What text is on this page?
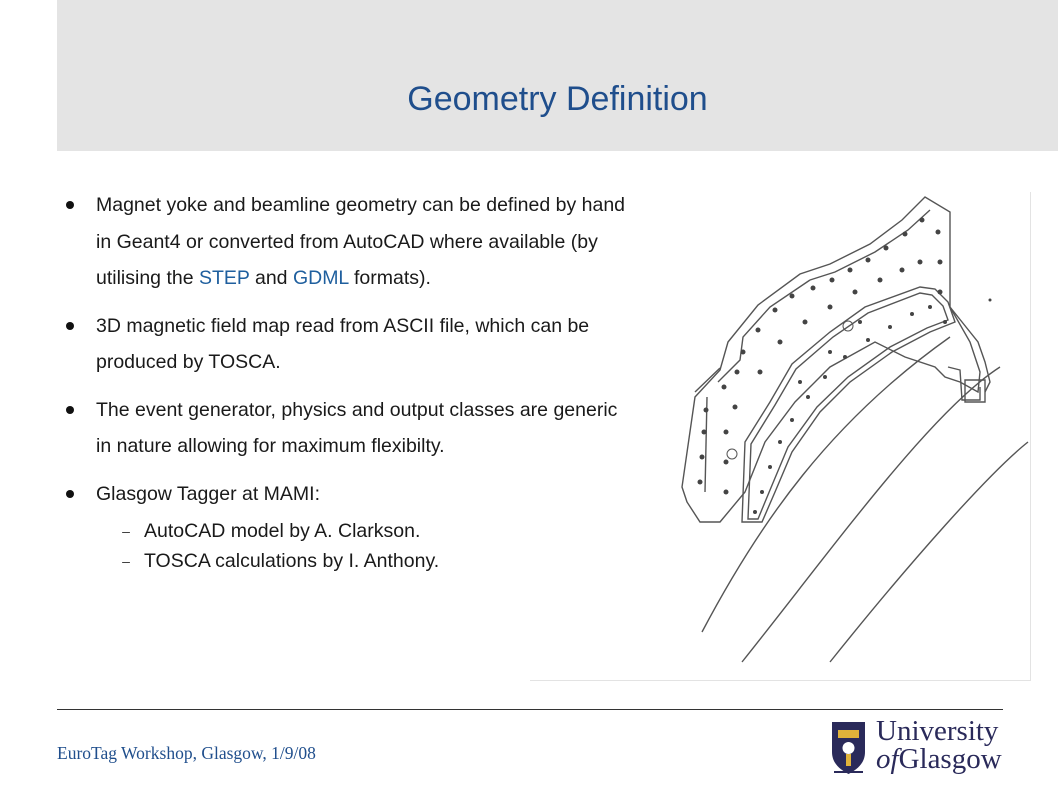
Geometry Definition
Magnet yoke and beamline geometry can be defined by hand in Geant4 or converted from AutoCAD where available (by utilising the STEP and GDML formats).
3D magnetic field map read from ASCII file, which can be produced by TOSCA.
The event generator, physics and output classes are generic in nature allowing for maximum flexibilty.
Glasgow Tagger at MAMI:
– AutoCAD model by A. Clarkson.
– TOSCA calculations by I. Anthony.
EuroTag Workshop, Glasgow, 1/9/08
University
ofGlasgow
